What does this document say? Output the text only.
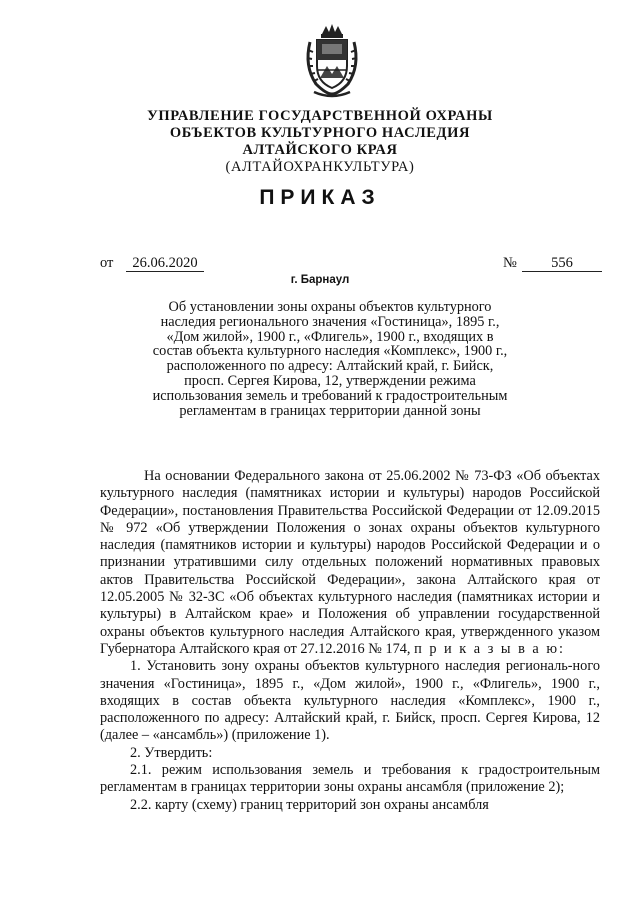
УПРАВЛЕНИЕ ГОСУДАРСТВЕННОЙ ОХРАНЫ
ОБЪЕКТОВ КУЛЬТУРНОГО НАСЛЕДИЯ
АЛТАЙСКОГО КРАЯ
(АЛТАЙОХРАНКУЛЬТУРА)
ПРИКАЗ
от	26.06.2020	№	556
г. Барнаул
Об установлении зоны охраны объектов культурного наследия регионального значения «Гостиница», 1895 г., «Дом жилой», 1900 г., «Флигель», 1900 г., входящих в состав объекта культурного наследия «Комплекс», 1900 г., расположенного по адресу: Алтайский край, г. Бийск, просп. Сергея Кирова, 12, утверждении режима использования земель и требований к градостроительным регламентам в границах территории данной зоны

На основании Федерального закона от 25.06.2002 № 73-ФЗ «Об объектах культурного наследия (памятниках истории и культуры) народов Российской Федерации», постановления Правительства Российской Федерации от 12.09.2015 № 972 «Об утверждении Положения о зонах охраны объектов культурного наследия (памятников истории и культуры) народов Российской Федерации и о признании утратившими силу отдельных положений нормативных правовых актов Правительства Российской Федерации», закона Алтайского края от 12.05.2005 № 32-ЗС «Об объектах культурного наследия (памятниках истории и культуры) в Алтайском крае» и Положения об управлении государственной охраны объектов культурного наследия Алтайского края, утвержденного указом Губернатора Алтайского края от 27.12.2016 № 174, п р и к а з ы в а ю:

1. Установить зону охраны объектов культурного наследия региональ-ного значения «Гостиница», 1895 г., «Дом жилой», 1900 г., «Флигель», 1900 г., входящих в состав объекта культурного наследия «Комплекс», 1900 г., расположенного по адресу: Алтайский край, г. Бийск, просп. Сергея Кирова, 12 (далее – «ансамбль») (приложение 1).

2. Утвердить:

2.1. режим использования земель и требования к градостроительным регламентам в границах территории зоны охраны ансамбля (приложение 2);

2.2. карту (схему) границ территорий зон охраны ансамбля
